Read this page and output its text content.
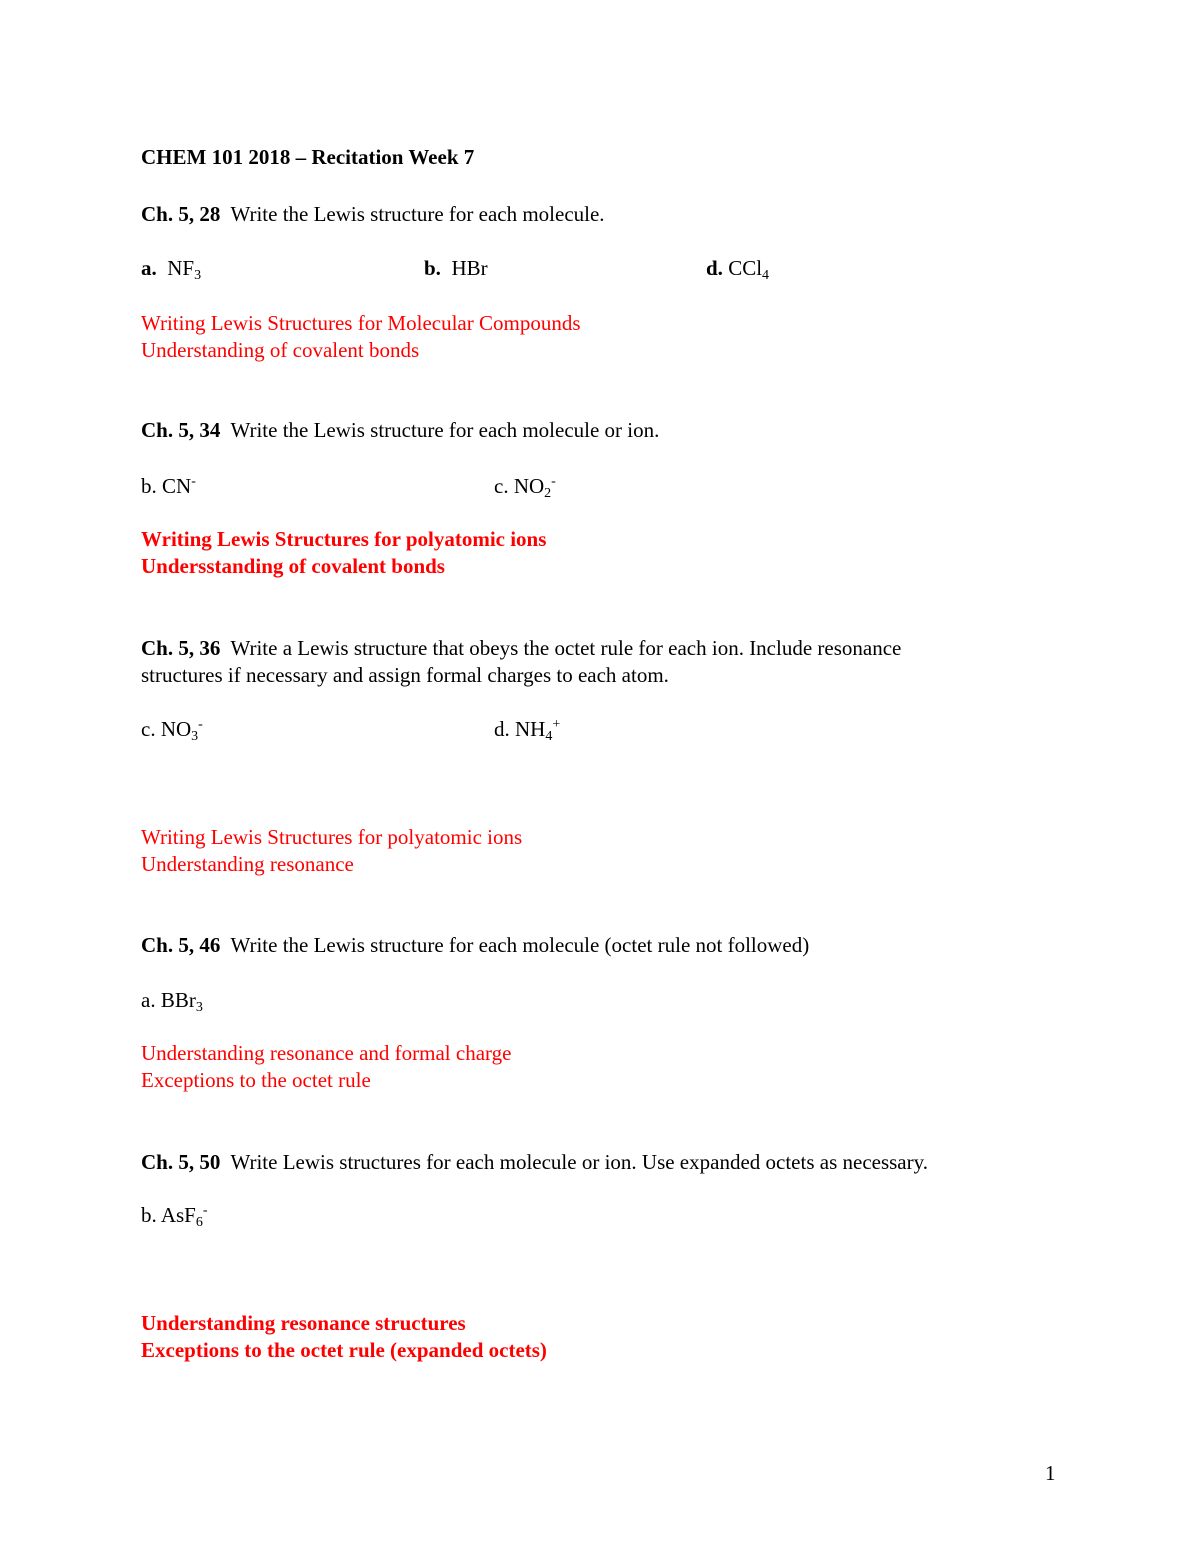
CHEM 101 2018 – Recitation Week 7
Ch. 5, 28 Write the Lewis structure for each molecule.
a. $NF_3$	b. HBr	d. CCl$_4$
Writing Lewis Structures for Molecular Compounds
Understanding of covalent bonds
Ch. 5, 34 Write the Lewis structure for each molecule or ion.
b. CN-	c. $NO_2^-$
Writing Lewis Structures for polyatomic ions
Undersstanding of covalent bonds
Ch. 5, 36 Write a Lewis structure that obeys the octet rule for each ion. Include resonance
structures if necessary and assign formal charges to each atom.
c. $NO_3^-$	d. $NH_4^+$
Writing Lewis Structures for polyatomic ions
Understanding resonance
Ch. 5, 46 Write the Lewis structure for each molecule (octet rule not followed)
a. BBr$_3$
Understanding resonance and formal charge
Exceptions to the octet rule
Ch. 5, 50 Write Lewis structures for each molecule or ion. Use expanded octets as necessary.
b. AsF$_6$-
Understanding resonance structures
Exceptions to the octet rule (expanded octets)
1
